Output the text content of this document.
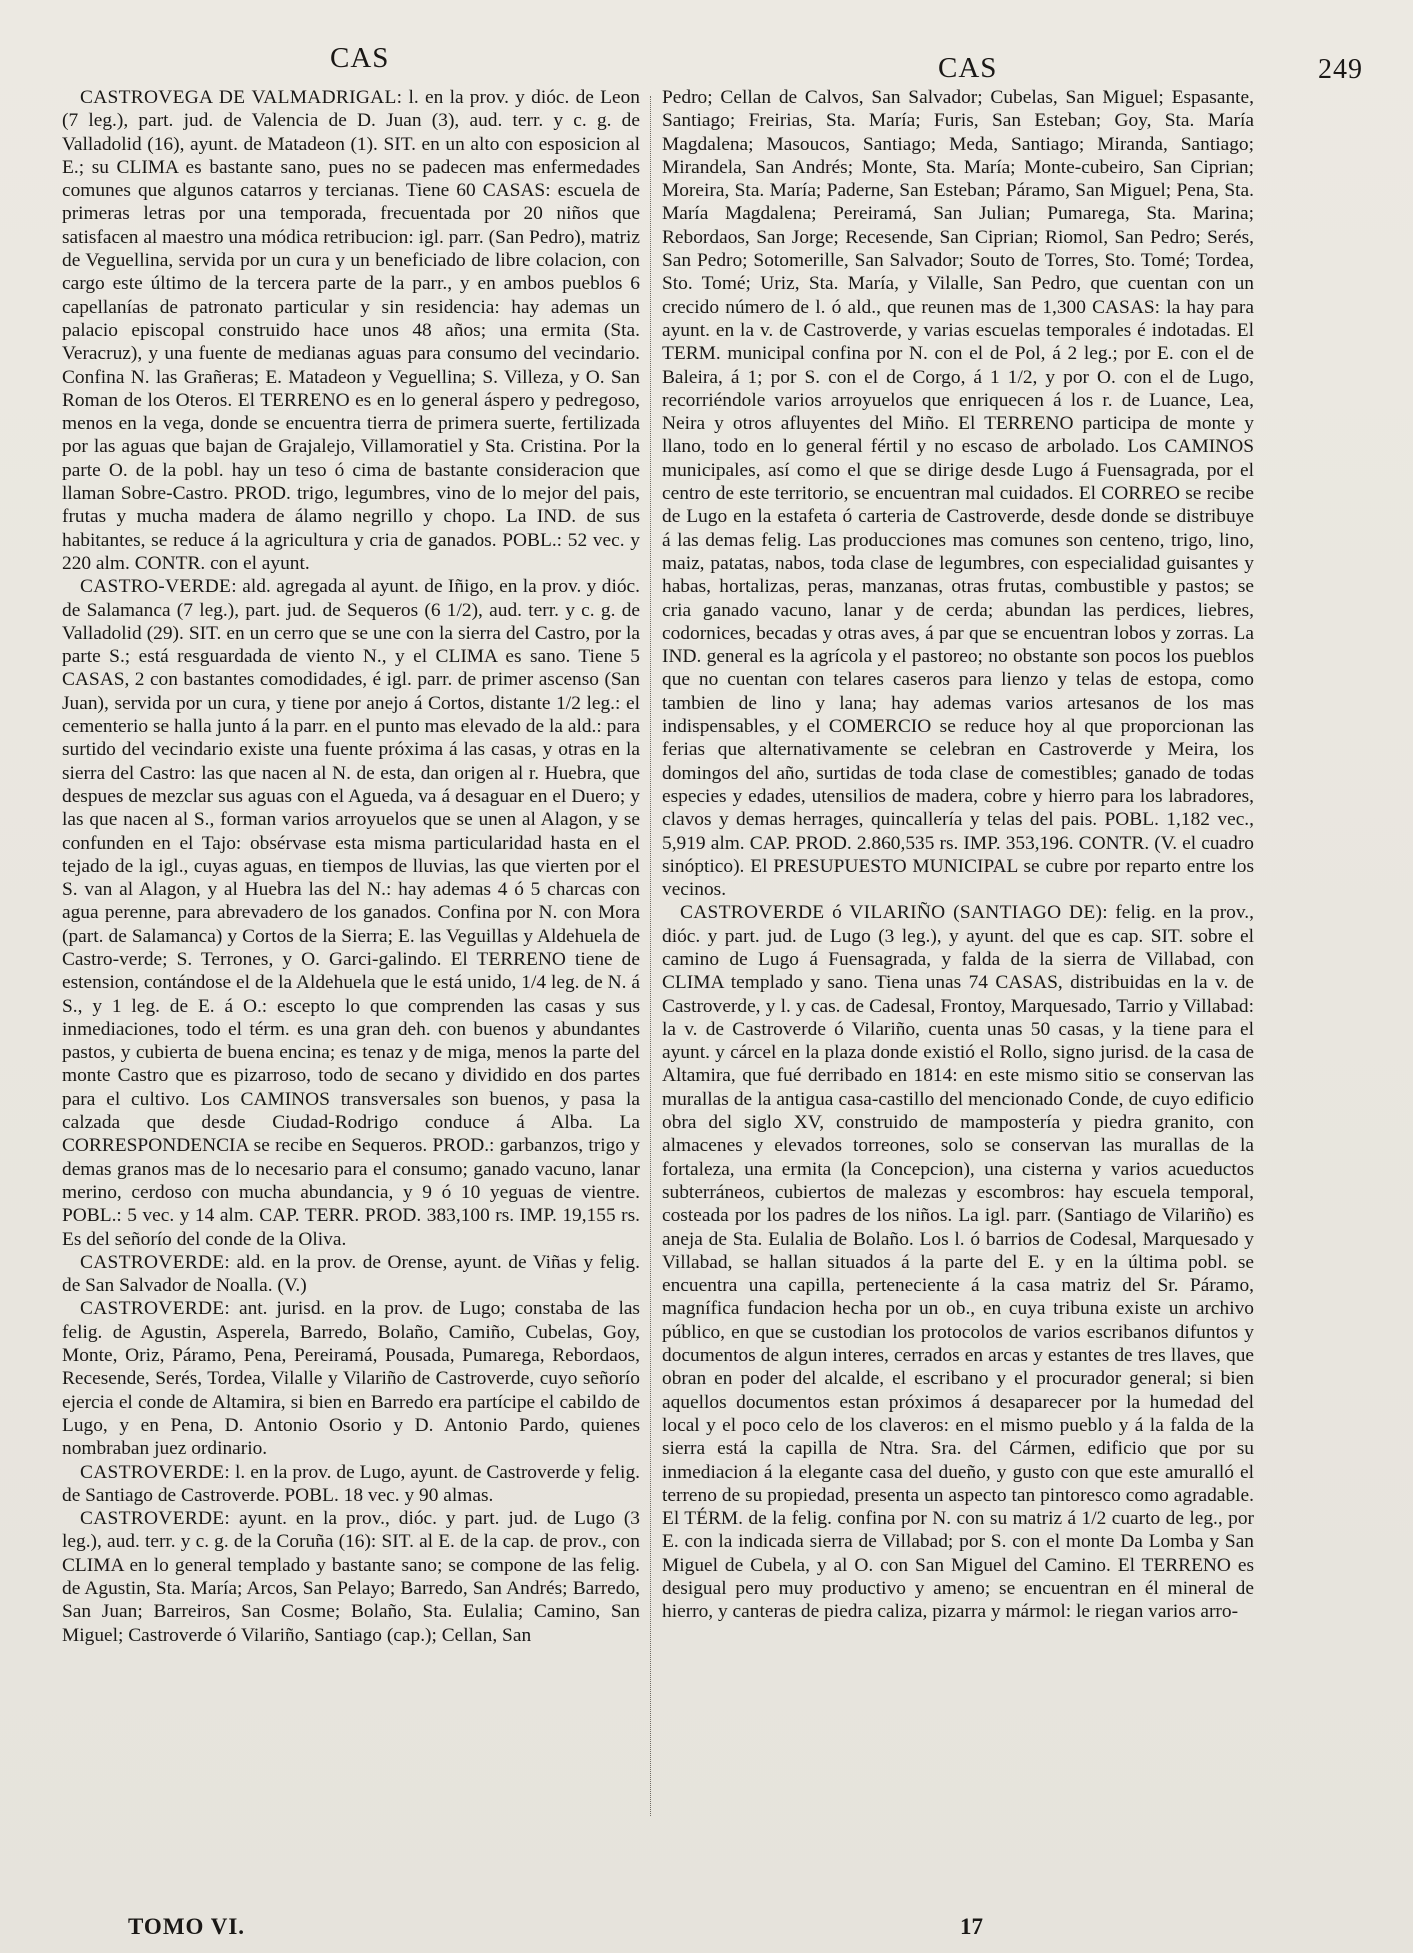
CAS	CAS	249

CASTROVEGA DE VALMADRIGAL: l. en la prov. y dióc. de Leon (7 leg.), part. jud. de Valencia de D. Juan (3), aud. terr. y c. g. de Valladolid (16), ayunt. de Matadeon (1). SIT. en un alto con esposicion al E.; su CLIMA es bastante sano, pues no se padecen mas enfermedades comunes que algunos catarros y tercianas. Tiene 60 CASAS: escuela de primeras letras por una temporada, frecuentada por 20 niños que satisfacen al maestro una módica retribucion: igl. parr. (San Pedro), matriz de Veguellina, servida por un cura y un beneficiado de libre colacion, con cargo este último de la tercera parte de la parr., y en ambos pueblos 6 capellanías de patronato particular y sin residencia: hay ademas un palacio episcopal construido hace unos 48 años; una ermita (Sta. Veracruz), y una fuente de medianas aguas para consumo del vecindario. Confina N. las Grañeras; E. Matadeon y Veguellina; S. Villeza, y O. San Roman de los Oteros. El TERRENO es en lo general áspero y pedregoso, menos en la vega, donde se encuentra tierra de primera suerte, fertilizada por las aguas que bajan de Grajalejo, Villamoratiel y Sta. Cristina. Por la parte O. de la pobl. hay un teso ó cima de bastante consideracion que llaman Sobre-Castro. PROD. trigo, legumbres, vino de lo mejor del pais, frutas y mucha madera de álamo negrillo y chopo. La IND. de sus habitantes, se reduce á la agricultura y cria de ganados. POBL.: 52 vec. y 220 alm. CONTR. con el ayunt.

CASTRO-VERDE: ald. agregada al ayunt. de Iñigo, en la prov. y dióc. de Salamanca (7 leg.), part. jud. de Sequeros (6 1/2), aud. terr. y c. g. de Valladolid (29). SIT. en un cerro que se une con la sierra del Castro, por la parte S.; está resguardada de viento N., y el CLIMA es sano. Tiene 5 CASAS, 2 con bastantes comodidades, é igl. parr. de primer ascenso (San Juan), servida por un cura, y tiene por anejo á Cortos, distante 1/2 leg.: el cementerio se halla junto á la parr. en el punto mas elevado de la ald.: para surtido del vecindario existe una fuente próxima á las casas, y otras en la sierra del Castro: las que nacen al N. de esta, dan origen al r. Huebra, que despues de mezclar sus aguas con el Agueda, va á desaguar en el Duero; y las que nacen al S., forman varios arroyuelos que se unen al Alagon, y se confunden en el Tajo: obsérvase esta misma particularidad hasta en el tejado de la igl., cuyas aguas, en tiempos de lluvias, las que vierten por el S. van al Alagon, y al Huebra las del N.: hay ademas 4 ó 5 charcas con agua perenne, para abrevadero de los ganados. Confina por N. con Mora (part. de Salamanca) y Cortos de la Sierra; E. las Veguillas y Aldehuela de Castro-verde; S. Terrones, y O. Garci-galindo. El TERRENO tiene de estension, contándose el de la Aldehuela que le está unido, 1/4 leg. de N. á S., y 1 leg. de E. á O.: escepto lo que comprenden las casas y sus inmediaciones, todo el térm. es una gran deh. con buenos y abundantes pastos, y cubierta de buena encina; es tenaz y de miga, menos la parte del monte Castro que es pizarroso, todo de secano y dividido en dos partes para el cultivo. Los CAMINOS transversales son buenos, y pasa la calzada que desde Ciudad-Rodrigo conduce á Alba. La CORRESPONDENCIA se recibe en Sequeros. PROD.: garbanzos, trigo y demas granos mas de lo necesario para el consumo; ganado vacuno, lanar merino, cerdoso con mucha abundancia, y 9 ó 10 yeguas de vientre. POBL.: 5 vec. y 14 alm. CAP. TERR. PROD. 383,100 rs. IMP. 19,155 rs. Es del señorío del conde de la Oliva.

CASTROVERDE: ald. en la prov. de Orense, ayunt. de Viñas y felig. de San Salvador de Noalla. (V.)

CASTROVERDE: ant. jurisd. en la prov. de Lugo; constaba de las felig. de Agustin, Asperela, Barredo, Bolaño, Camiño, Cubelas, Goy, Monte, Oriz, Páramo, Pena, Pereiramá, Pousada, Pumarega, Rebordaos, Recesende, Serés, Tordea, Vilalle y Vilariño de Castroverde, cuyo señorío ejercia el conde de Altamira, si bien en Barredo era partícipe el cabildo de Lugo, y en Pena, D. Antonio Osorio y D. Antonio Pardo, quienes nombraban juez ordinario.

CASTROVERDE: l. en la prov. de Lugo, ayunt. de Castroverde y felig. de Santiago de Castroverde. POBL. 18 vec. y 90 almas.

CASTROVERDE: ayunt. en la prov., dióc. y part. jud. de Lugo (3 leg.), aud. terr. y c. g. de la Coruña (16): SIT. al E. de la cap. de prov., con CLIMA en lo general templado y bastante sano; se compone de las felig. de Agustin, Sta. María; Arcos, San Pelayo; Barredo, San Andrés; Barredo, San Juan; Barreiros, San Cosme; Bolaño, Sta. Eulalia; Camino, San Miguel; Castroverde ó Vilariño, Santiago (cap.); Cellan, San

Pedro; Cellan de Calvos, San Salvador; Cubelas, San Miguel; Espasante, Santiago; Freirias, Sta. María; Furis, San Esteban; Goy, Sta. María Magdalena; Masoucos, Santiago; Meda, Santiago; Miranda, Santiago; Mirandela, San Andrés; Monte, Sta. María; Monte-cubeiro, San Ciprian; Moreira, Sta. María; Paderne, San Esteban; Páramo, San Miguel; Pena, Sta. María Magdalena; Pereiramá, San Julian; Pumarega, Sta. Marina; Rebordaos, San Jorge; Recesende, San Ciprian; Riomol, San Pedro; Serés, San Pedro; Sotomerille, San Salvador; Souto de Torres, Sto. Tomé; Tordea, Sto. Tomé; Uriz, Sta. María, y Vilalle, San Pedro, que cuentan con un crecido número de l. ó ald., que reunen mas de 1,300 CASAS: la hay para ayunt. en la v. de Castroverde, y varias escuelas temporales é indotadas. El TERM. municipal confina por N. con el de Pol, á 2 leg.; por E. con el de Baleira, á 1; por S. con el de Corgo, á 1 1/2, y por O. con el de Lugo, recorriéndole varios arroyuelos que enriquecen á los r. de Luance, Lea, Neira y otros afluyentes del Miño. El TERRENO participa de monte y llano, todo en lo general fértil y no escaso de arbolado. Los CAMINOS municipales, así como el que se dirige desde Lugo á Fuensagrada, por el centro de este territorio, se encuentran mal cuidados. El CORREO se recibe de Lugo en la estafeta ó carteria de Castroverde, desde donde se distribuye á las demas felig. Las producciones mas comunes son centeno, trigo, lino, maiz, patatas, nabos, toda clase de legumbres, con especialidad guisantes y habas, hortalizas, peras, manzanas, otras frutas, combustible y pastos; se cria ganado vacuno, lanar y de cerda; abundan las perdices, liebres, codornices, becadas y otras aves, á par que se encuentran lobos y zorras. La IND. general es la agrícola y el pastoreo; no obstante son pocos los pueblos que no cuentan con telares caseros para lienzo y telas de estopa, como tambien de lino y lana; hay ademas varios artesanos de los mas indispensables, y el COMERCIO se reduce hoy al que proporcionan las ferias que alternativamente se celebran en Castroverde y Meira, los domingos del año, surtidas de toda clase de comestibles; ganado de todas especies y edades, utensilios de madera, cobre y hierro para los labradores, clavos y demas herrages, quincallería y telas del pais. POBL. 1,182 vec., 5,919 alm. CAP. PROD. 2.860,535 rs. IMP. 353,196. CONTR. (V. el cuadro sinóptico). El PRESUPUESTO MUNICIPAL se cubre por reparto entre los vecinos.

CASTROVERDE ó VILARIÑO (SANTIAGO DE): felig. en la prov., dióc. y part. jud. de Lugo (3 leg.), y ayunt. del que es cap. SIT. sobre el camino de Lugo á Fuensagrada, y falda de la sierra de Villabad, con CLIMA templado y sano. Tiena unas 74 CASAS, distribuidas en la v. de Castroverde, y l. y cas. de Cadesal, Frontoy, Marquesado, Tarrio y Villabad: la v. de Castroverde ó Vilariño, cuenta unas 50 casas, y la tiene para el ayunt. y cárcel en la plaza donde existió el Rollo, signo jurisd. de la casa de Altamira, que fué derribado en 1814: en este mismo sitio se conservan las murallas de la antigua casa-castillo del mencionado Conde, de cuyo edificio obra del siglo XV, construido de mampostería y piedra granito, con almacenes y elevados torreones, solo se conservan las murallas de la fortaleza, una ermita (la Concepcion), una cisterna y varios acueductos subterráneos, cubiertos de malezas y escombros: hay escuela temporal, costeada por los padres de los niños. La igl. parr. (Santiago de Vilariño) es aneja de Sta. Eulalia de Bolaño. Los l. ó barrios de Codesal, Marquesado y Villabad, se hallan situados á la parte del E. y en la última pobl. se encuentra una capilla, perteneciente á la casa matriz del Sr. Páramo, magnífica fundacion hecha por un ob., en cuya tribuna existe un archivo público, en que se custodian los protocolos de varios escribanos difuntos y documentos de algun interes, cerrados en arcas y estantes de tres llaves, que obran en poder del alcalde, el escribano y el procurador general; si bien aquellos documentos estan próximos á desaparecer por la humedad del local y el poco celo de los claveros: en el mismo pueblo y á la falda de la sierra está la capilla de Ntra. Sra. del Cármen, edificio que por su inmediacion á la elegante casa del dueño, y gusto con que este amuralló el terreno de su propiedad, presenta un aspecto tan pintoresco como agradable. El TÉRM. de la felig. confina por N. con su matriz á 1/2 cuarto de leg., por E. con la indicada sierra de Villabad; por S. con el monte Da Lomba y San Miguel de Cubela, y al O. con San Miguel del Camino. El TERRENO es desigual pero muy productivo y ameno; se encuentran en él mineral de hierro, y canteras de piedra caliza, pizarra y mármol: le riegan varios arro-

TOMO VI.	17
